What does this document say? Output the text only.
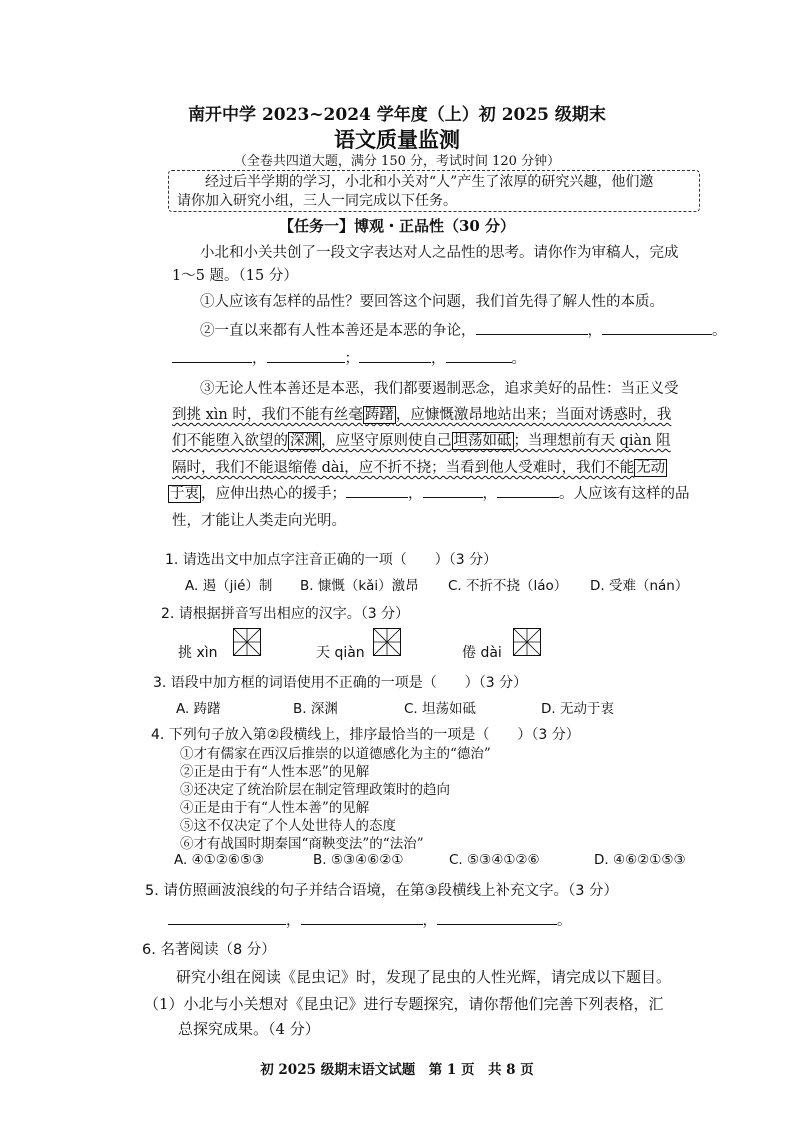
南开中学 2023~2024 学年度（上）初 2025 级期末
语文质量监测
（全卷共四道大题，满分 150 分，考试时间 120 分钟）
经过后半学期的学习，小北和小关对“人”产生了浓厚的研究兴趣，他们邀
请你加入研究小组，三人一同完成以下任务。
【任务一】博观・正品性（30 分）
小北和小关共创了一段文字表达对人之品性的思考。请你作为审稿人，完成
1～5 题。（15 分）
①人应该有怎样的品性？要回答这个问题，我们首先得了解人性的本质。
②一直以来都有人性本善还是本恶的争论，	，	。
，	；	，	。
③无论人性本善还是本恶，我们都要遏制恶念，追求美好的品性：当正义受
到挑 xìn 时，我们不能有丝毫 踌躇 ，应慷慨激昂地站出来；当面对诱惑时，我
们不能堕入欲望的 深渊 ，应坚守原则使自己 坦荡如砥 ；当理想前有天 qiàn 阻
隔时，我们不能退缩倦 dài，应不折不挠；当看到他人受难时，我们不能 无动
于衷 ，应伸出热心的援手；	，	，	。人应该有这样的品
性，才能让人类走向光明。
1. 请选出文中加点字注音正确的一项（　　）（3 分）
A. 遏（jié）制 B. 慷慨（kǎi）激昂 C. 不折不挠（láo） D. 受难（nán）
2. 请根据拼音写出相应的汉字。（3 分）
挑 xìn	天 qiàn	倦 dài
3. 语段中加方框的词语使用不正确的一项是（　　）（3 分）
A. 踌躇	B. 深渊	C. 坦荡如砥	D. 无动于衷
4. 下列句子放入第②段横线上，排序最恰当的一项是（　　）（3 分）
①才有儒家在西汉后推崇的以道德感化为主的“德治”
②正是由于有“人性本恶”的见解
③还决定了统治阶层在制定管理政策时的趋向
④正是由于有“人性本善”的见解
⑤这不仅决定了个人处世待人的态度
⑥才有战国时期秦国“商鞅变法”的“法治”
A. ④①②⑥⑤③	B. ⑤③④⑥②①	C. ⑤③④①②⑥	D. ④⑥②①⑤③
5. 请仿照画波浪线的句子并结合语境，在第③段横线上补充文字。（3 分）
，	，	。
6. 名著阅读（8 分）
研究小组在阅读《昆虫记》时，发现了昆虫的人性光辉，请完成以下题目。
（1）小北与小关想对《昆虫记》进行专题探究，请你帮他们完善下列表格，汇
总探究成果。（4 分）
初 2025 级期末语文试题　第 1 页　共 8 页
